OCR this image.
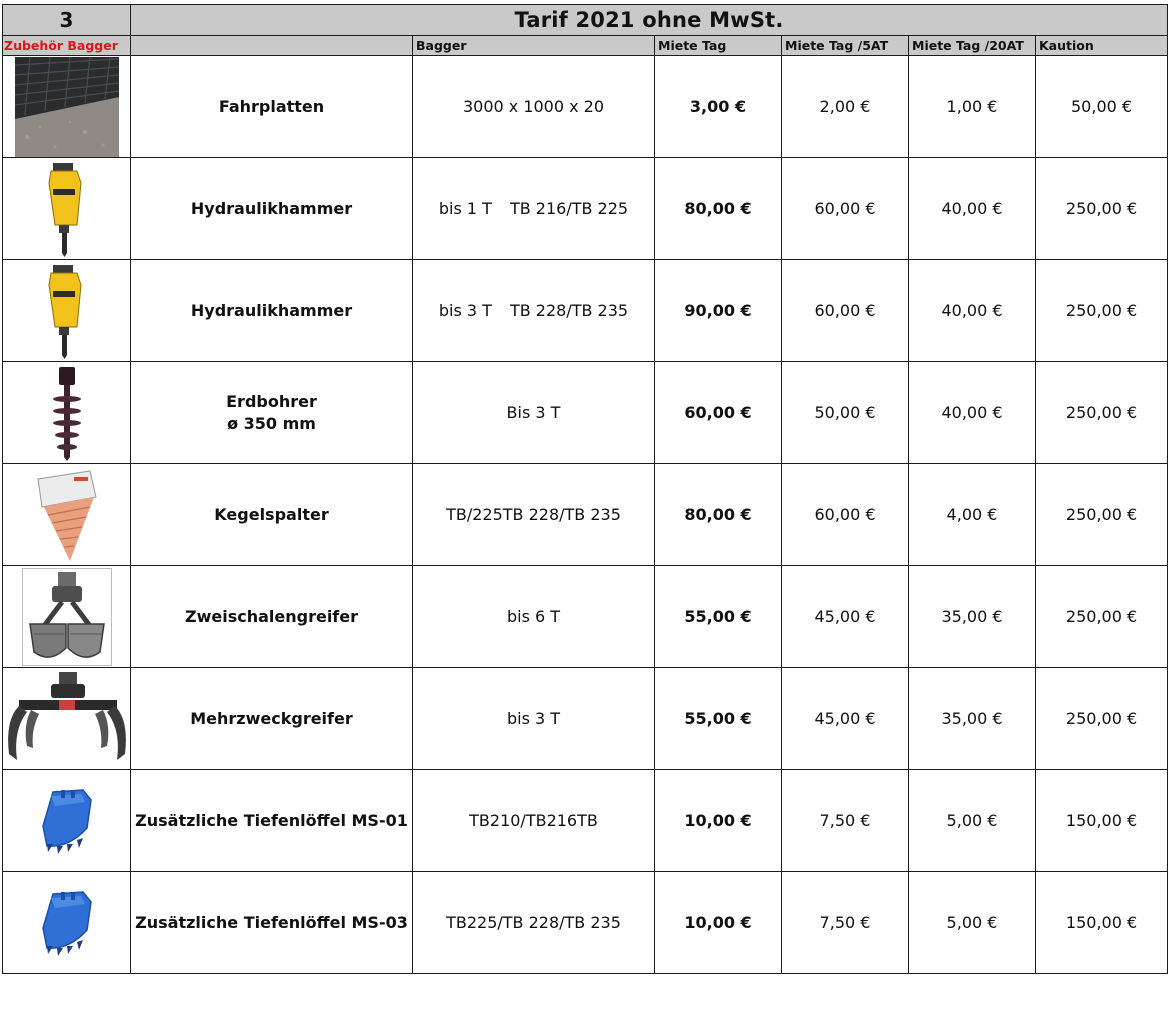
3	Tarif 2021 ohne MwSt.					
Zubehör Bagger		Bagger	Miete Tag	Miete Tag /5AT	Miete Tag /20AT	Kaution

Fahrplatten	3000 x 1000 x 20	3,00 €	2,00 €	1,00 €	50,00 €

Hydraulikhammer	bis 1 T TB 216/TB 225	80,00 €	60,00 €	40,00 €	250,00 €

Hydraulikhammer	bis 3 T TB 228/TB 235	90,00 €	60,00 €	40,00 €	250,00 €

Erdbohrer
ø 350 mm	Bis 3 T	60,00 €	50,00 €	40,00 €	250,00 €

Kegelspalter	TB/225TB 228/TB 235	80,00 €	60,00 €	4,00 €	250,00 €

Zweischalengreifer	bis 6 T	55,00 €	45,00 €	35,00 €	250,00 €

Mehrzweckgreifer	bis 3 T	55,00 €	45,00 €	35,00 €	250,00 €

Zusätzliche Tiefenlöffel MS-01	TB210/TB216TB	10,00 €	7,50 €	5,00 €	150,00 €

Zusätzliche Tiefenlöffel MS-03	TB225/TB 228/TB 235	10,00 €	7,50 €	5,00 €	150,00 €
